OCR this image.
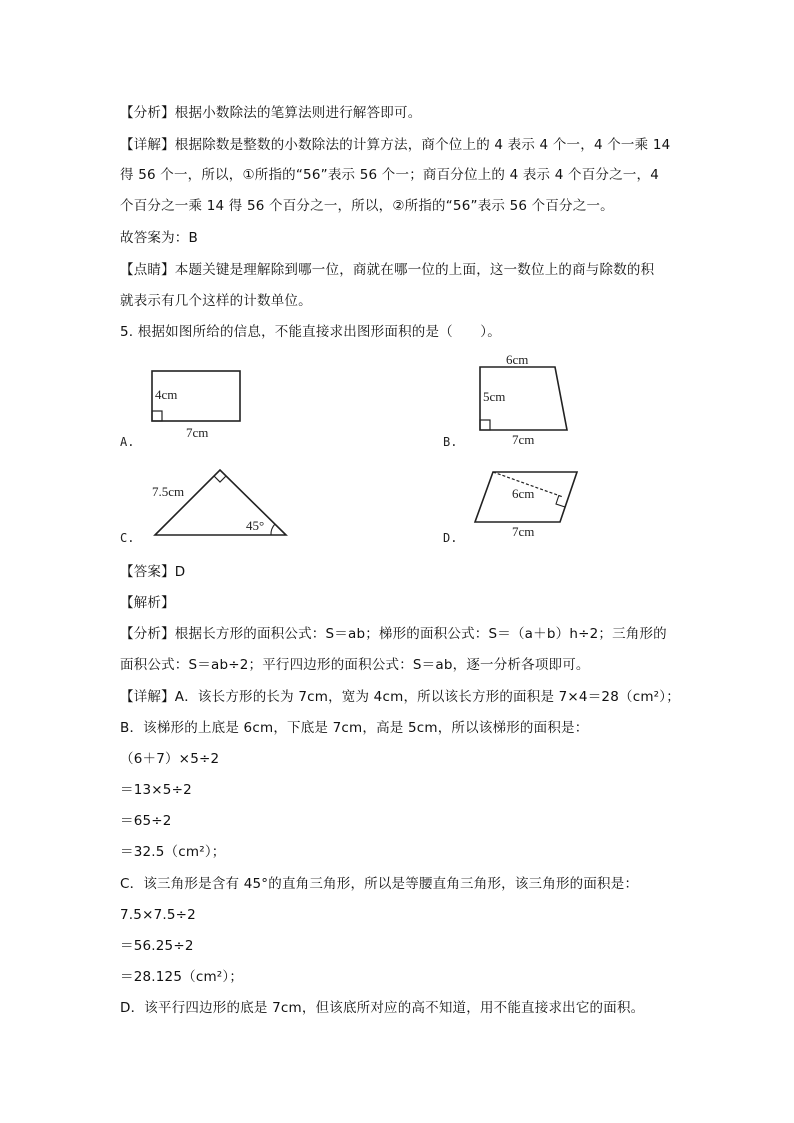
【分析】根据小数除法的笔算法则进行解答即可。
【详解】根据除数是整数的小数除法的计算方法，商个位上的 4 表示 4 个一，4 个一乘 14
得 56 个一，所以，①所指的“56”表示 56 个一；商百分位上的 4 表示 4 个百分之一，4
个百分之一乘 14 得 56 个百分之一，所以，②所指的“56”表示 56 个百分之一。
故答案为：B
【点睛】本题关键是理解除到哪一位，商就在哪一位的上面，这一数位上的商与除数的积
就表示有几个这样的计数单位。
5. 根据如图所给的信息，不能直接求出图形面积的是（　　）。
A.	B.
C.	D.
4cm
7cm
6cm
5cm
7cm
7.5cm
45°
6cm
7cm
【答案】D
【解析】
【分析】根据长方形的面积公式：S＝ab；梯形的面积公式：S＝（a＋b）h÷2；三角形的
面积公式：S＝ab÷2；平行四边形的面积公式：S＝ab，逐一分析各项即可。
【详解】A．该长方形的长为 7cm，宽为 4cm，所以该长方形的面积是 7×4＝28（cm²）；
B．该梯形的上底是 6cm，下底是 7cm，高是 5cm，所以该梯形的面积是：
（6＋7）×5÷2
＝13×5÷2
＝65÷2
＝32.5（cm²）；
C．该三角形是含有 45°的直角三角形，所以是等腰直角三角形，该三角形的面积是：
7.5×7.5÷2
＝56.25÷2
＝28.125（cm²）；
D．该平行四边形的底是 7cm，但该底所对应的高不知道，用不能直接求出它的面积。
